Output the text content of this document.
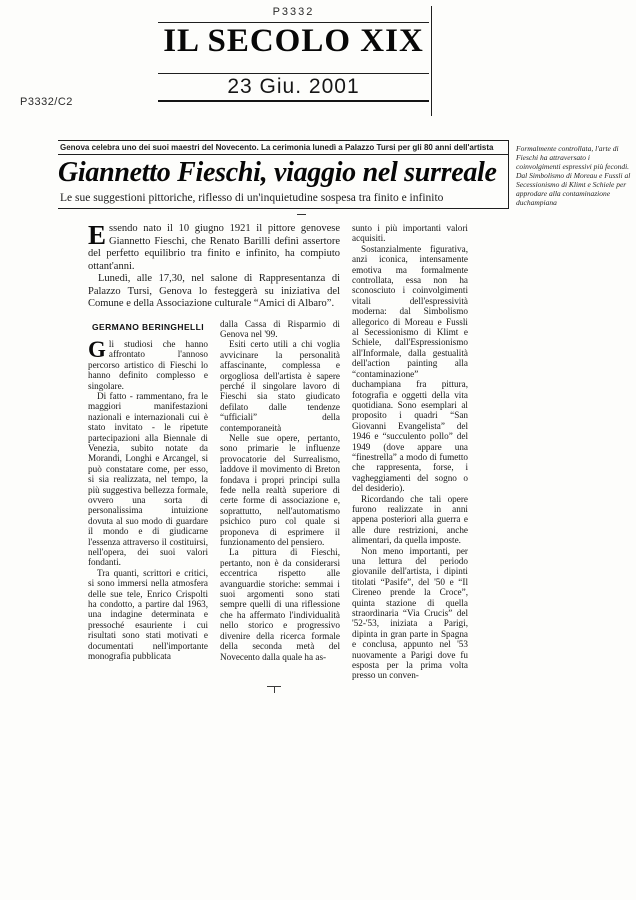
P3332
IL SECOLO XIX
23 Giu. 2001
P3332/C2
Genova celebra uno dei suoi maestri del Novecento. La cerimonia lunedì a Palazzo Tursi per gli 80 anni dell'artista
Giannetto Fieschi, viaggio nel surreale
Le sue suggestioni pittoriche, riflesso di un'inquietudine sospesa tra finito e infinito
Formalmente controllata, l'arte di Fieschi ha attraversato i coinvolgimenti espressivi più fecondi. Dal Simbolismo di Moreau e Fussli al Secessionismo di Klimt e Schiele per approdare alla contaminazione duchampiana

Essendo nato il 10 giugno 1921 il pittore genovese Giannetto Fieschi, che Renato Barilli definì assertore del perfetto equilibrio tra finito e infinito, ha compiuto ottant'anni.

Lunedì, alle 17,30, nel salone di Rappresentanza di Palazzo Tursi, Genova lo festeggerà su iniziativa del Comune e della Associazione culturale “Amici di Albaro”.

GERMANO BERINGHELLI

Gli studiosi che hanno affrontato l'annoso percorso artistico di Fieschi lo hanno definito complesso e singolare.

Di fatto - rammentano, fra le maggiori manifestazioni nazionali e internazionali cui è stato invitato - le ripetute partecipazioni alla Biennale di Venezia, subito notate da Morandi, Longhi e Arcangel, si può constatare come, per esso, si sia realizzata, nel tempo, la più suggestiva bellezza formale, ovvero una sorta di personalissima intuizione dovuta al suo modo di guardare il mondo e di giudicarne l'essenza attraverso il costituirsi, nell'opera, dei suoi valori fondanti.

Tra quanti, scrittori e critici, si sono immersi nella atmosfera delle sue tele, Enrico Crispolti ha condotto, a partire dal 1963, una indagine determinata e pressoché esauriente i cui risultati sono stati motivati e documentati nell'importante monografia pubblicata

dalla Cassa di Risparmio di Genova nel '99.

Esiti certo utili a chi voglia avvicinare la personalità affascinante, complessa e orgogliosa dell'artista è sapere perché il singolare lavoro di Fieschi sia stato giudicato defilato dalle tendenze “ufficiali” della contemporaneità

Nelle sue opere, pertanto, sono primarie le influenze provocatorie del Surrealismo, laddove il movimento di Breton fondava i propri principi sulla fede nella realtà superiore di certe forme di associazione e, soprattutto, nell'automatismo psichico puro col quale si proponeva di esprimere il funzionamento del pensiero.

La pittura di Fieschi, pertanto, non è da considerarsi eccentrica rispetto alle avanguardie storiche: semmai i suoi argomenti sono stati sempre quelli di una riflessione che ha affermato l'individualità nello storico e progressivo divenire della ricerca formale della seconda metà del Novecento dalla quale ha as-

sunto i più importanti valori acquisiti.

Sostanzialmente figurativa, anzi iconica, intensamente emotiva ma formalmente controllata, essa non ha sconosciuto i coinvolgimenti vitali dell'espressività moderna: dal Simbolismo allegorico di Moreau e Fussli al Secessionismo di Klimt e Schiele, dall'Espressionismo all'Informale, dalla gestualità dell'action painting alla “contaminazione” duchampiana fra pittura, fotografia e oggetti della vita quotidiana. Sono esemplari al proposito i quadri “San Giovanni Evangelista” del 1946 e “succulento pollo” del 1949 (dove appare una “finestrella” a modo di fumetto che rappresenta, forse, i vagheggiamenti del sogno o del desiderio).

Ricordando che tali opere furono realizzate in anni appena posteriori alla guerra e alle dure restrizioni, anche alimentari, da quella imposte.

Non meno importanti, per una lettura del periodo giovanile dell'artista, i dipinti titolati “Pasife”, del '50 e “Il Cireneo prende la Croce”, quinta stazione di quella straordinaria “Via Crucis” del '52-'53, iniziata a Parigi, dipinta in gran parte in Spagna e conclusa, appunto nel '53 nuovamente a Parigi dove fu esposta per la prima volta presso un conven-
